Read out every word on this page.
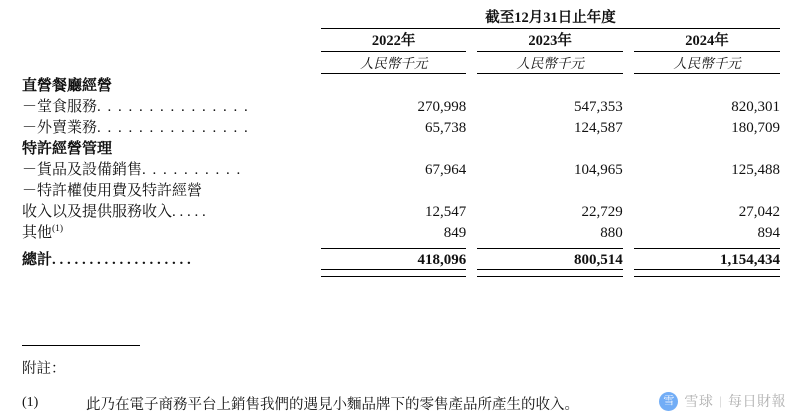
		截至12月31日止年度				

		2022年		2023年		2024年

		人民幣千元		人民幣千元		人民幣千元

直營餐廳經營						
－堂食服務. . . . . . . . . . . . . . .		270,998		547,353		820,301
－外賣業務. . . . . . . . . . . . . . .		65,738		124,587		180,709
特許經營管理						
－貨品及設備銷售. . . . . . . . . .		67,964		104,965		125,488
－特許權使用費及特許經營						
收入以及提供服務收入. . . . .		12,547		22,729		27,042
其他$^{(1)}$		849		880		894

總計. . . . . . . . . . . . . . . . . . .		418,096		800,514		1,154,434

附註：
(1)	此乃在電子商務平台上銷售我們的遇見小麵品牌下的零售產品所產生的收入。	雪 雪球 | 每日財報
